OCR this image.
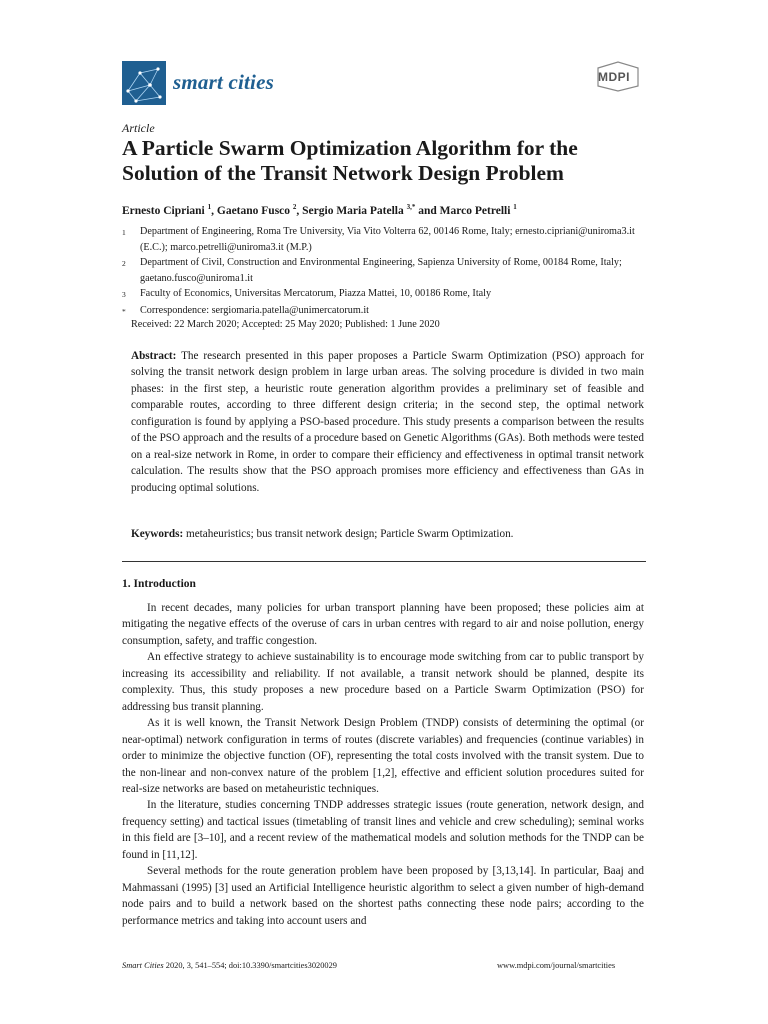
smart cities	MDPI
Article
A Particle Swarm Optimization Algorithm for the Solution of the Transit Network Design Problem
Ernesto Cipriani $^1$, Gaetano Fusco $^2$, Sergio Maria Patella $^{3,*}$ and Marco Petrelli $^1$
1	Department of Engineering, Roma Tre University, Via Vito Volterra 62, 00146 Rome, Italy; ernesto.cipriani@uniroma3.it (E.C.); marco.petrelli@uniroma3.it (M.P.)
2	Department of Civil, Construction and Environmental Engineering, Sapienza University of Rome, 00184 Rome, Italy; gaetano.fusco@uniroma1.it
3	Faculty of Economics, Universitas Mercatorum, Piazza Mattei, 10, 00186 Rome, Italy
*	Correspondence: sergiomaria.patella@unimercatorum.it
Received: 22 March 2020; Accepted: 25 May 2020; Published: 1 June 2020

Abstract: The research presented in this paper proposes a Particle Swarm Optimization (PSO) approach for solving the transit network design problem in large urban areas. The solving procedure is divided in two main phases: in the first step, a heuristic route generation algorithm provides a preliminary set of feasible and comparable routes, according to three different design criteria; in the second step, the optimal network configuration is found by applying a PSO-based procedure. This study presents a comparison between the results of the PSO approach and the results of a procedure based on Genetic Algorithms (GAs). Both methods were tested on a real-size network in Rome, in order to compare their efficiency and effectiveness in optimal transit network calculation. The results show that the PSO approach promises more efficiency and effectiveness than GAs in producing optimal solutions.

Keywords: metaheuristics; bus transit network design; Particle Swarm Optimization.
1. Introduction

In recent decades, many policies for urban transport planning have been proposed; these policies aim at mitigating the negative effects of the overuse of cars in urban centres with regard to air and noise pollution, energy consumption, safety, and traffic congestion.

An effective strategy to achieve sustainability is to encourage mode switching from car to public transport by increasing its accessibility and reliability. If not available, a transit network should be planned, despite its complexity. Thus, this study proposes a new procedure based on a Particle Swarm Optimization (PSO) for addressing bus transit planning.

As it is well known, the Transit Network Design Problem (TNDP) consists of determining the optimal (or near-optimal) network configuration in terms of routes (discrete variables) and frequencies (continue variables) in order to minimize the objective function (OF), representing the total costs involved with the transit system. Due to the non-linear and non-convex nature of the problem [1,2], effective and efficient solution procedures suited for real-size networks are based on metaheuristic techniques.

In the literature, studies concerning TNDP addresses strategic issues (route generation, network design, and frequency setting) and tactical issues (timetabling of transit lines and vehicle and crew scheduling); seminal works in this field are [3–10], and a recent review of the mathematical models and solution methods for the TNDP can be found in [11,12].

Several methods for the route generation problem have been proposed by [3,13,14]. In particular, Baaj and Mahmassani (1995) [3] used an Artificial Intelligence heuristic algorithm to select a given number of high-demand node pairs and to build a network based on the shortest paths connecting these node pairs; according to the performance metrics and taking into account users and

Smart Cities 2020, 3, 541–554; doi:10.3390/smartcities3020029	www.mdpi.com/journal/smartcities
